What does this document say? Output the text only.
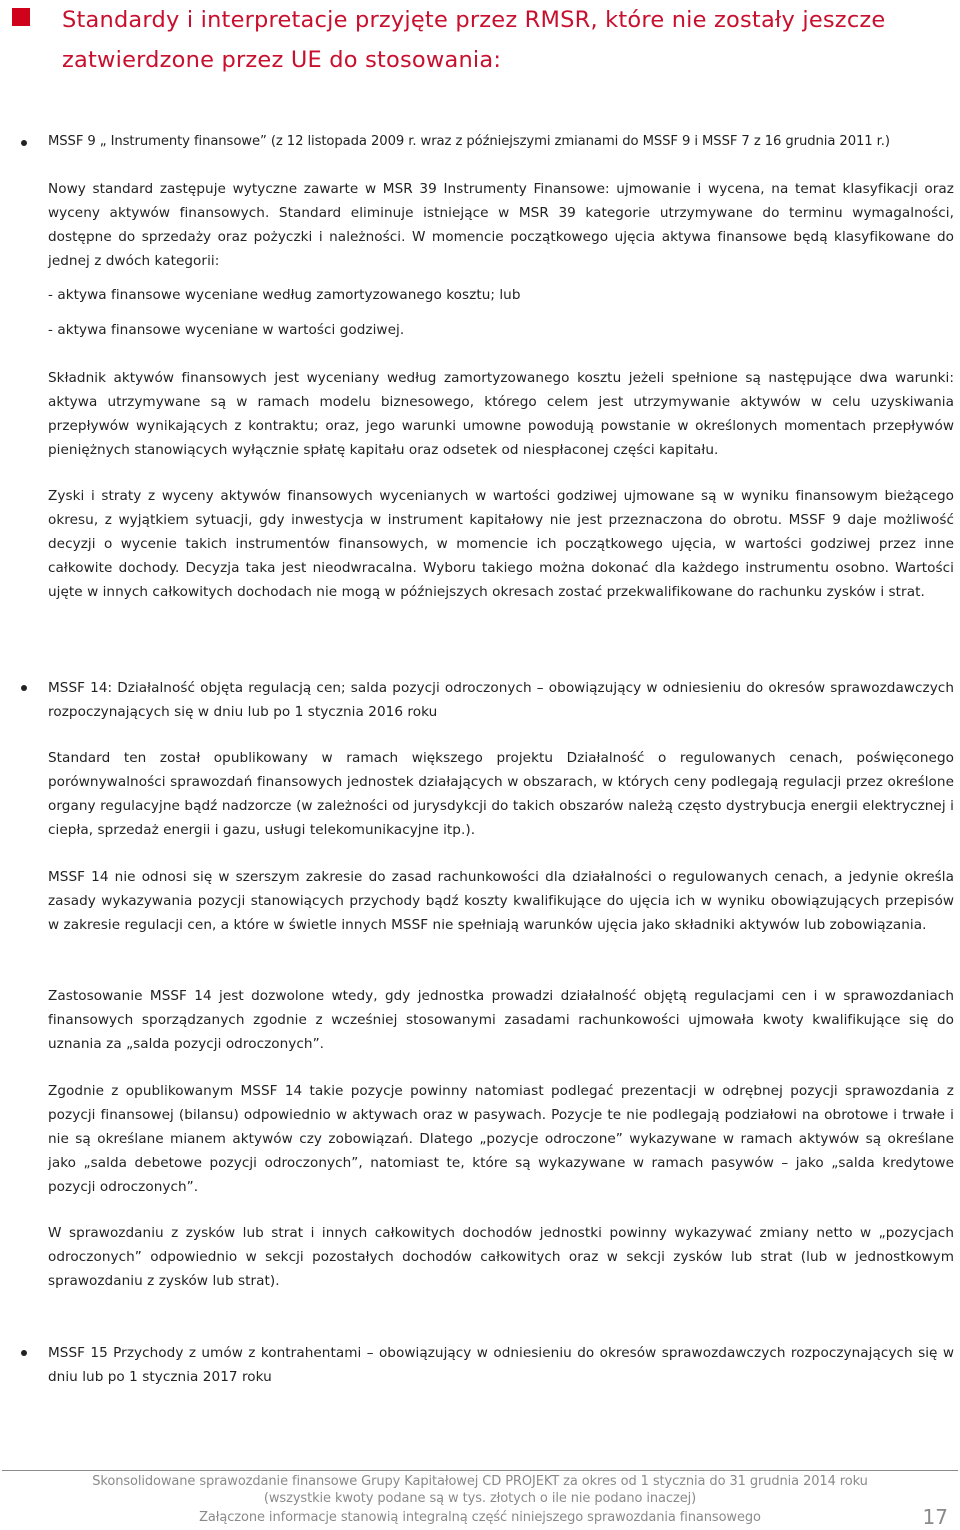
Standardy i interpretacje przyjęte przez RMSR, które nie zostały jeszcze zatwierdzone przez UE do stosowania:

MSSF 9 „ Instrumenty finansowe” (z 12 listopada 2009 r. wraz z późniejszymi zmianami do MSSF 9 i MSSF 7 z 16 grudnia 2011 r.)

Nowy standard zastępuje wytyczne zawarte w MSR 39 Instrumenty Finansowe: ujmowanie i wycena, na temat klasyfikacji oraz wyceny aktywów finansowych. Standard eliminuje istniejące w MSR 39 kategorie utrzymywane do terminu wymagalności, dostępne do sprzedaży oraz pożyczki i należności. W momencie początkowego ujęcia aktywa finansowe będą klasyfikowane do jednej z dwóch kategorii:

- aktywa finansowe wyceniane według zamortyzowanego kosztu; lub

- aktywa finansowe wyceniane w wartości godziwej.

Składnik aktywów finansowych jest wyceniany według zamortyzowanego kosztu jeżeli spełnione są następujące dwa warunki: aktywa utrzymywane są w ramach modelu biznesowego, którego celem jest utrzymywanie aktywów w celu uzyskiwania przepływów wynikających z kontraktu; oraz, jego warunki umowne powodują powstanie w określonych momentach przepływów pieniężnych stanowiących wyłącznie spłatę kapitału oraz odsetek od niespłaconej części kapitału.

Zyski i straty z wyceny aktywów finansowych wycenianych w wartości godziwej ujmowane są w wyniku finansowym bieżącego okresu, z wyjątkiem sytuacji, gdy inwestycja w instrument kapitałowy nie jest przeznaczona do obrotu. MSSF 9 daje możliwość decyzji o wycenie takich instrumentów finansowych, w momencie ich początkowego ujęcia, w wartości godziwej przez inne całkowite dochody. Decyzja taka jest nieodwracalna. Wyboru takiego można dokonać dla każdego instrumentu osobno. Wartości ujęte w innych całkowitych dochodach nie mogą w późniejszych okresach zostać przekwalifikowane do rachunku zysków i strat.

MSSF 14: Działalność objęta regulacją cen; salda pozycji odroczonych – obowiązujący w odniesieniu do okresów sprawozdawczych rozpoczynających się w dniu lub po 1 stycznia 2016 roku

Standard ten został opublikowany w ramach większego projektu Działalność o regulowanych cenach, poświęconego porównywalności sprawozdań finansowych jednostek działających w obszarach, w których ceny podlegają regulacji przez określone organy regulacyjne bądź nadzorcze (w zależności od jurysdykcji do takich obszarów należą często dystrybucja energii elektrycznej i ciepła, sprzedaż energii i gazu, usługi telekomunikacyjne itp.).

MSSF 14 nie odnosi się w szerszym zakresie do zasad rachunkowości dla działalności o regulowanych cenach, a jedynie określa zasady wykazywania pozycji stanowiących przychody bądź koszty kwalifikujące do ujęcia ich w wyniku obowiązujących przepisów w zakresie regulacji cen, a które w świetle innych MSSF nie spełniają warunków ujęcia jako składniki aktywów lub zobowiązania.

Zastosowanie MSSF 14 jest dozwolone wtedy, gdy jednostka prowadzi działalność objętą regulacjami cen i w sprawozdaniach finansowych sporządzanych zgodnie z wcześniej stosowanymi zasadami rachunkowości ujmowała kwoty kwalifikujące się do uznania za „salda pozycji odroczonych”.

Zgodnie z opublikowanym MSSF 14 takie pozycje powinny natomiast podlegać prezentacji w odrębnej pozycji sprawozdania z pozycji finansowej (bilansu) odpowiednio w aktywach oraz w pasywach. Pozycje te nie podlegają podziałowi na obrotowe i trwałe i nie są określane mianem aktywów czy zobowiązań. Dlatego „pozycje odroczone” wykazywane w ramach aktywów są określane jako „salda debetowe pozycji odroczonych”, natomiast te, które są wykazywane w ramach pasywów – jako „salda kredytowe pozycji odroczonych”.

W sprawozdaniu z zysków lub strat i innych całkowitych dochodów jednostki powinny wykazywać zmiany netto w „pozycjach odroczonych” odpowiednio w sekcji pozostałych dochodów całkowitych oraz w sekcji zysków lub strat (lub w jednostkowym sprawozdaniu z zysków lub strat).

MSSF 15 Przychody z umów z kontrahentami – obowiązujący w odniesieniu do okresów sprawozdawczych rozpoczynających się w dniu lub po 1 stycznia 2017 roku

Skonsolidowane sprawozdanie finansowe Grupy Kapitałowej CD PROJEKT za okres od 1 stycznia do 31 grudnia 2014 roku
(wszystkie kwoty podane są w tys. złotych o ile nie podano inaczej)
Załączone informacje stanowią integralną część niniejszego sprawozdania finansowego	17
